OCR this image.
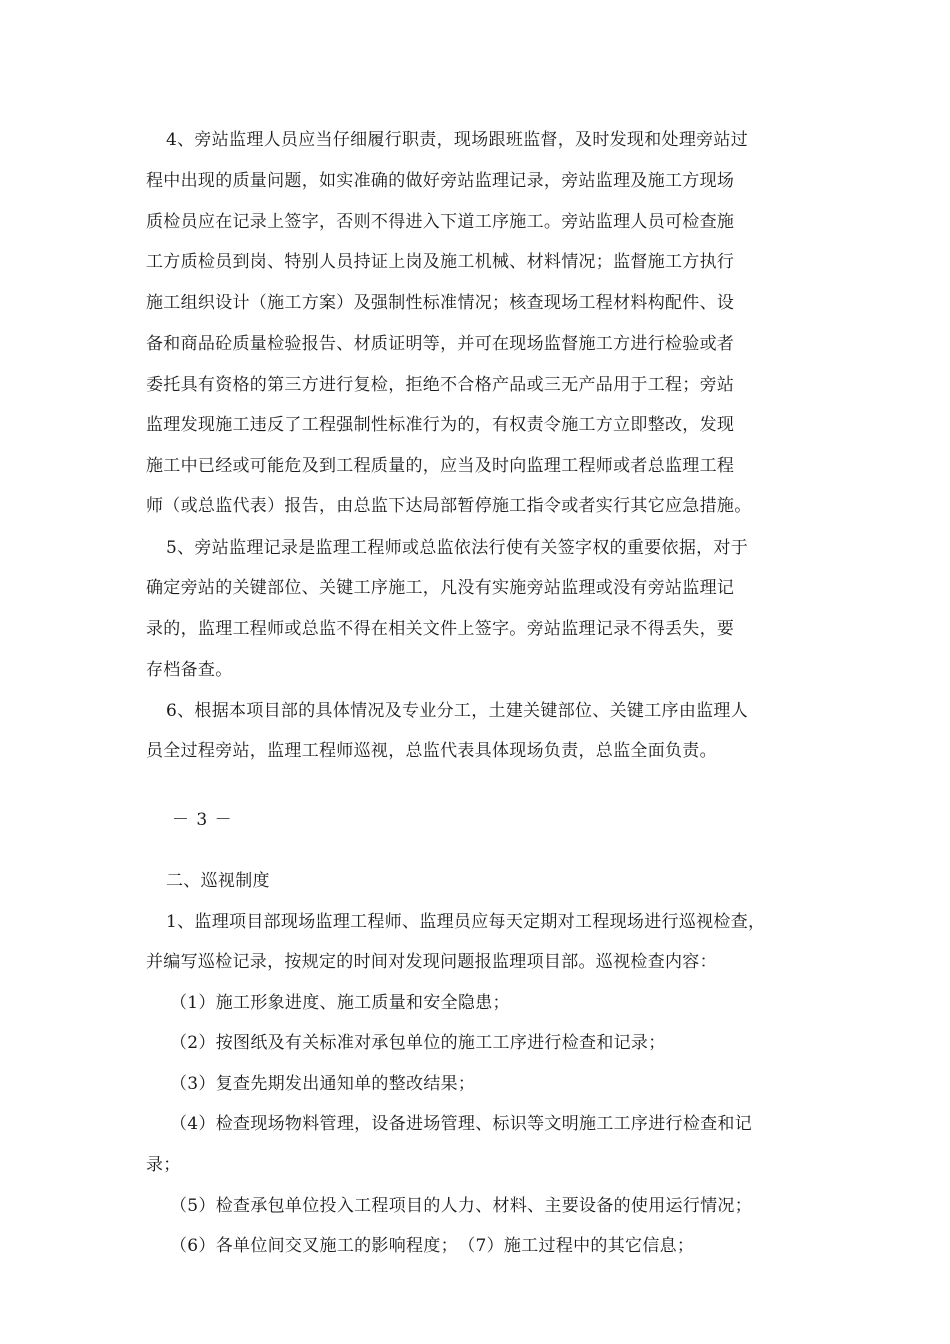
4、旁站监理人员应当仔细履行职责，现场跟班监督，及时发现和处理旁站过
程中出现的质量问题，如实准确的做好旁站监理记录，旁站监理及施工方现场
质检员应在记录上签字，否则不得进入下道工序施工。旁站监理人员可检查施
工方质检员到岗、特别人员持证上岗及施工机械、材料情况；监督施工方执行
施工组织设计（施工方案）及强制性标准情况；核查现场工程材料构配件、设
备和商品砼质量检验报告、材质证明等，并可在现场监督施工方进行检验或者
委托具有资格的第三方进行复检，拒绝不合格产品或三无产品用于工程；旁站
监理发现施工违反了工程强制性标准行为的，有权责令施工方立即整改，发现
施工中已经或可能危及到工程质量的，应当及时向监理工程师或者总监理工程
师（或总监代表）报告，由总监下达局部暂停施工指令或者实行其它应急措施。
5、旁站监理记录是监理工程师或总监依法行使有关签字权的重要依据，对于
确定旁站的关键部位、关键工序施工，凡没有实施旁站监理或没有旁站监理记
录的，监理工程师或总监不得在相关文件上签字。旁站监理记录不得丢失，要
存档备查。
6、根据本项目部的具体情况及专业分工，土建关键部位、关键工序由监理人
员全过程旁站，监理工程师巡视，总监代表具体现场负责，总监全面负责。
－ 3 －
二、巡视制度
1、监理项目部现场监理工程师、监理员应每天定期对工程现场进行巡视检查，
并编写巡检记录，按规定的时间对发现问题报监理项目部。巡视检查内容：
（1）施工形象进度、施工质量和安全隐患；
（2）按图纸及有关标准对承包单位的施工工序进行检查和记录；
（3）复查先期发出通知单的整改结果；
（4）检查现场物料管理，设备进场管理、标识等文明施工工序进行检查和记
录；
（5）检查承包单位投入工程项目的人力、材料、主要设备的使用运行情况；
（6）各单位间交叉施工的影响程度；　（7）施工过程中的其它信息；
